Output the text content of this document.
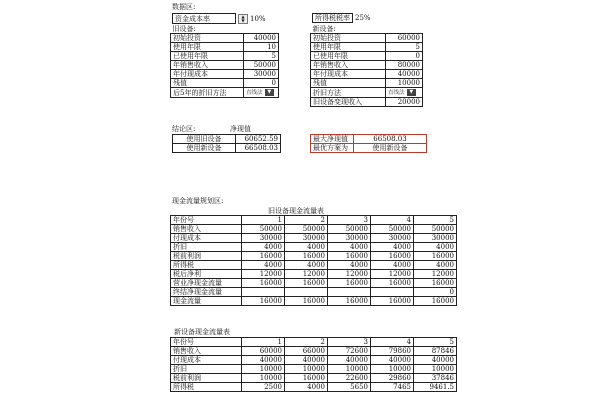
数据区:
资金成本率	▲
▼ 10%	所得税税率	25%
旧设备:	
初始投资	40000
使用年限	10
已使用年限	5
年销售收入	50000
年付现成本	30000
残值	0
后5年的折旧方法	直线法 ▼
新设备:	
初始投资	60000
使用年限	5
已使用年限	0
年销售收入	80000
年付现成本	40000
残值	10000
折旧方法	直线法 ▼
旧设备变现收入	20000
结论区:	净现值
使用旧设备	60652.59
使用新设备	66508.03
最大净现值	66508.03
最优方案为	使用新设备
现金流量规划区:
旧设备现金流量表
年份号	1	2	3	4	5
销售收入	50000	50000	50000	50000	50000
付现成本	30000	30000	30000	30000	30000
折旧	4000	4000	4000	4000	4000
税前利润	16000	16000	16000	16000	16000
所得税	4000	4000	4000	4000	4000
税后净利	12000	12000	12000	12000	12000
营业净现金流量	16000	16000	16000	16000	16000
终结净现金流量					0
现金流量	16000	16000	16000	16000	16000
新设备现金流量表
年份号	1	2	3	4	5
销售收入	60000	66000	72600	79860	87846
付现成本	40000	40000	40000	40000	40000
折旧	10000	10000	10000	10000	10000
税前利润	10000	16000	22600	29860	37846
所得税	2500	4000	5650	7465	9461.5
